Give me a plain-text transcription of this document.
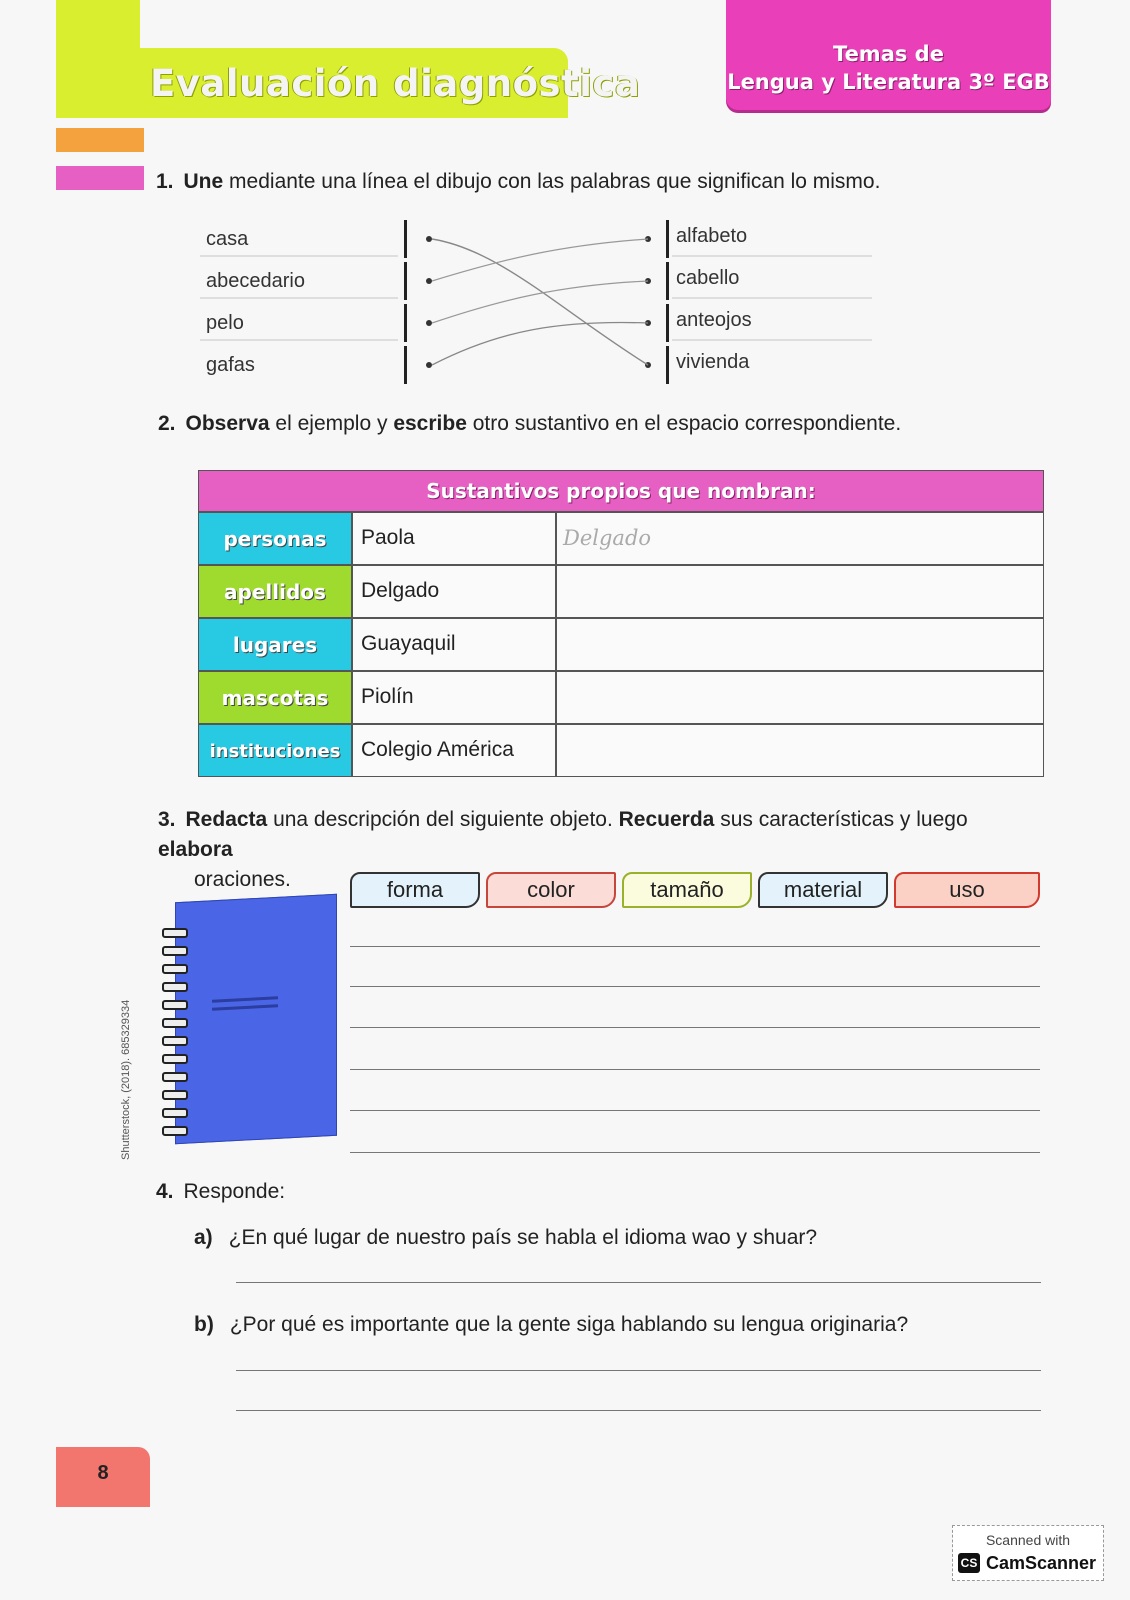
Evaluación diagnóstica
Temas de
Lengua y Literatura 3º EGB
1. Une mediante una línea el dibujo con las palabras que significan lo mismo.
casa
abecedario
pelo
gafas
alfabeto
cabello
anteojos
vivienda
2. Observa el ejemplo y escribe otro sustantivo en el espacio correspondiente.
Sustantivos propios que nombran:
personas	Paola	Delgado
apellidos	Delgado
lugares	Guayaquil
mascotas	Piolín
instituciones Colegio América
3. Redacta una descripción del siguiente objeto. Recuerda sus características y luego elabora
oraciones.	forma	color	tamaño	material	uso
Shutterstock, (2018). 685329334
4. Responde:
a) ¿En qué lugar de nuestro país se habla el idioma wao y shuar?
b) ¿Por qué es importante que la gente siga hablando su lengua originaria?
8
Scanned with
CS CamScanner
